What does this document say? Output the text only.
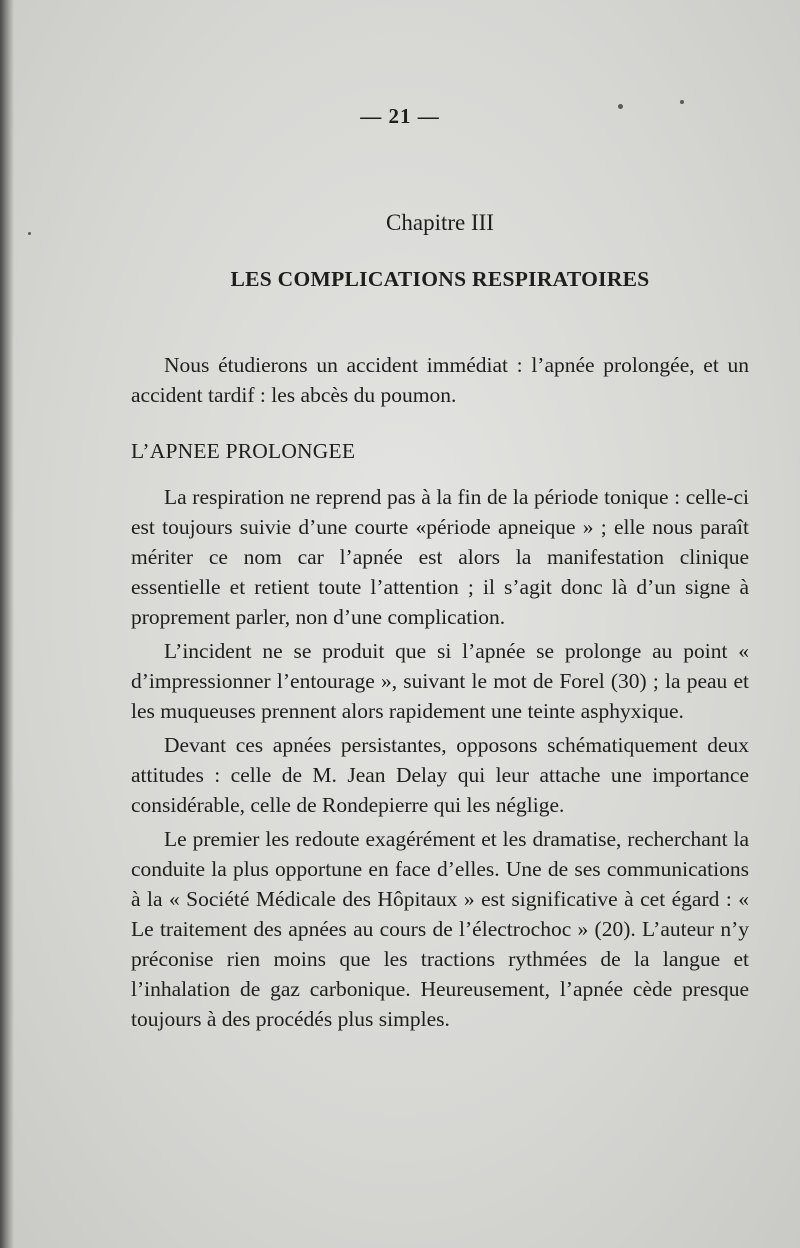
— 21 —
Chapitre III
LES COMPLICATIONS RESPIRATOIRES

Nous étudierons un accident immédiat : l’apnée prolongée, et un accident tardif : les abcès du poumon.

L’APNEE PROLONGEE

La respiration ne reprend pas à la fin de la période tonique : celle-ci est toujours suivie d’une courte «période apneique » ; elle nous paraît mériter ce nom car l’apnée est alors la manifestation clinique essentielle et retient toute l’attention ; il s’agit donc là d’un signe à proprement parler, non d’une complication.

L’incident ne se produit que si l’apnée se prolonge au point « d’impressionner l’entourage », suivant le mot de Forel (30) ; la peau et les muqueuses prennent alors rapidement une teinte asphyxique.

Devant ces apnées persistantes, opposons schématiquement deux attitudes : celle de M. Jean Delay qui leur attache une importance considérable, celle de Rondepierre qui les néglige.

Le premier les redoute exagérément et les dramatise, recherchant la conduite la plus opportune en face d’elles. Une de ses communications à la « Société Médicale des Hôpitaux » est significative à cet égard : « Le traitement des apnées au cours de l’électrochoc » (20). L’auteur n’y préconise rien moins que les tractions rythmées de la langue et l’inhalation de gaz carbonique. Heureusement, l’apnée cède presque toujours à des procédés plus simples.
